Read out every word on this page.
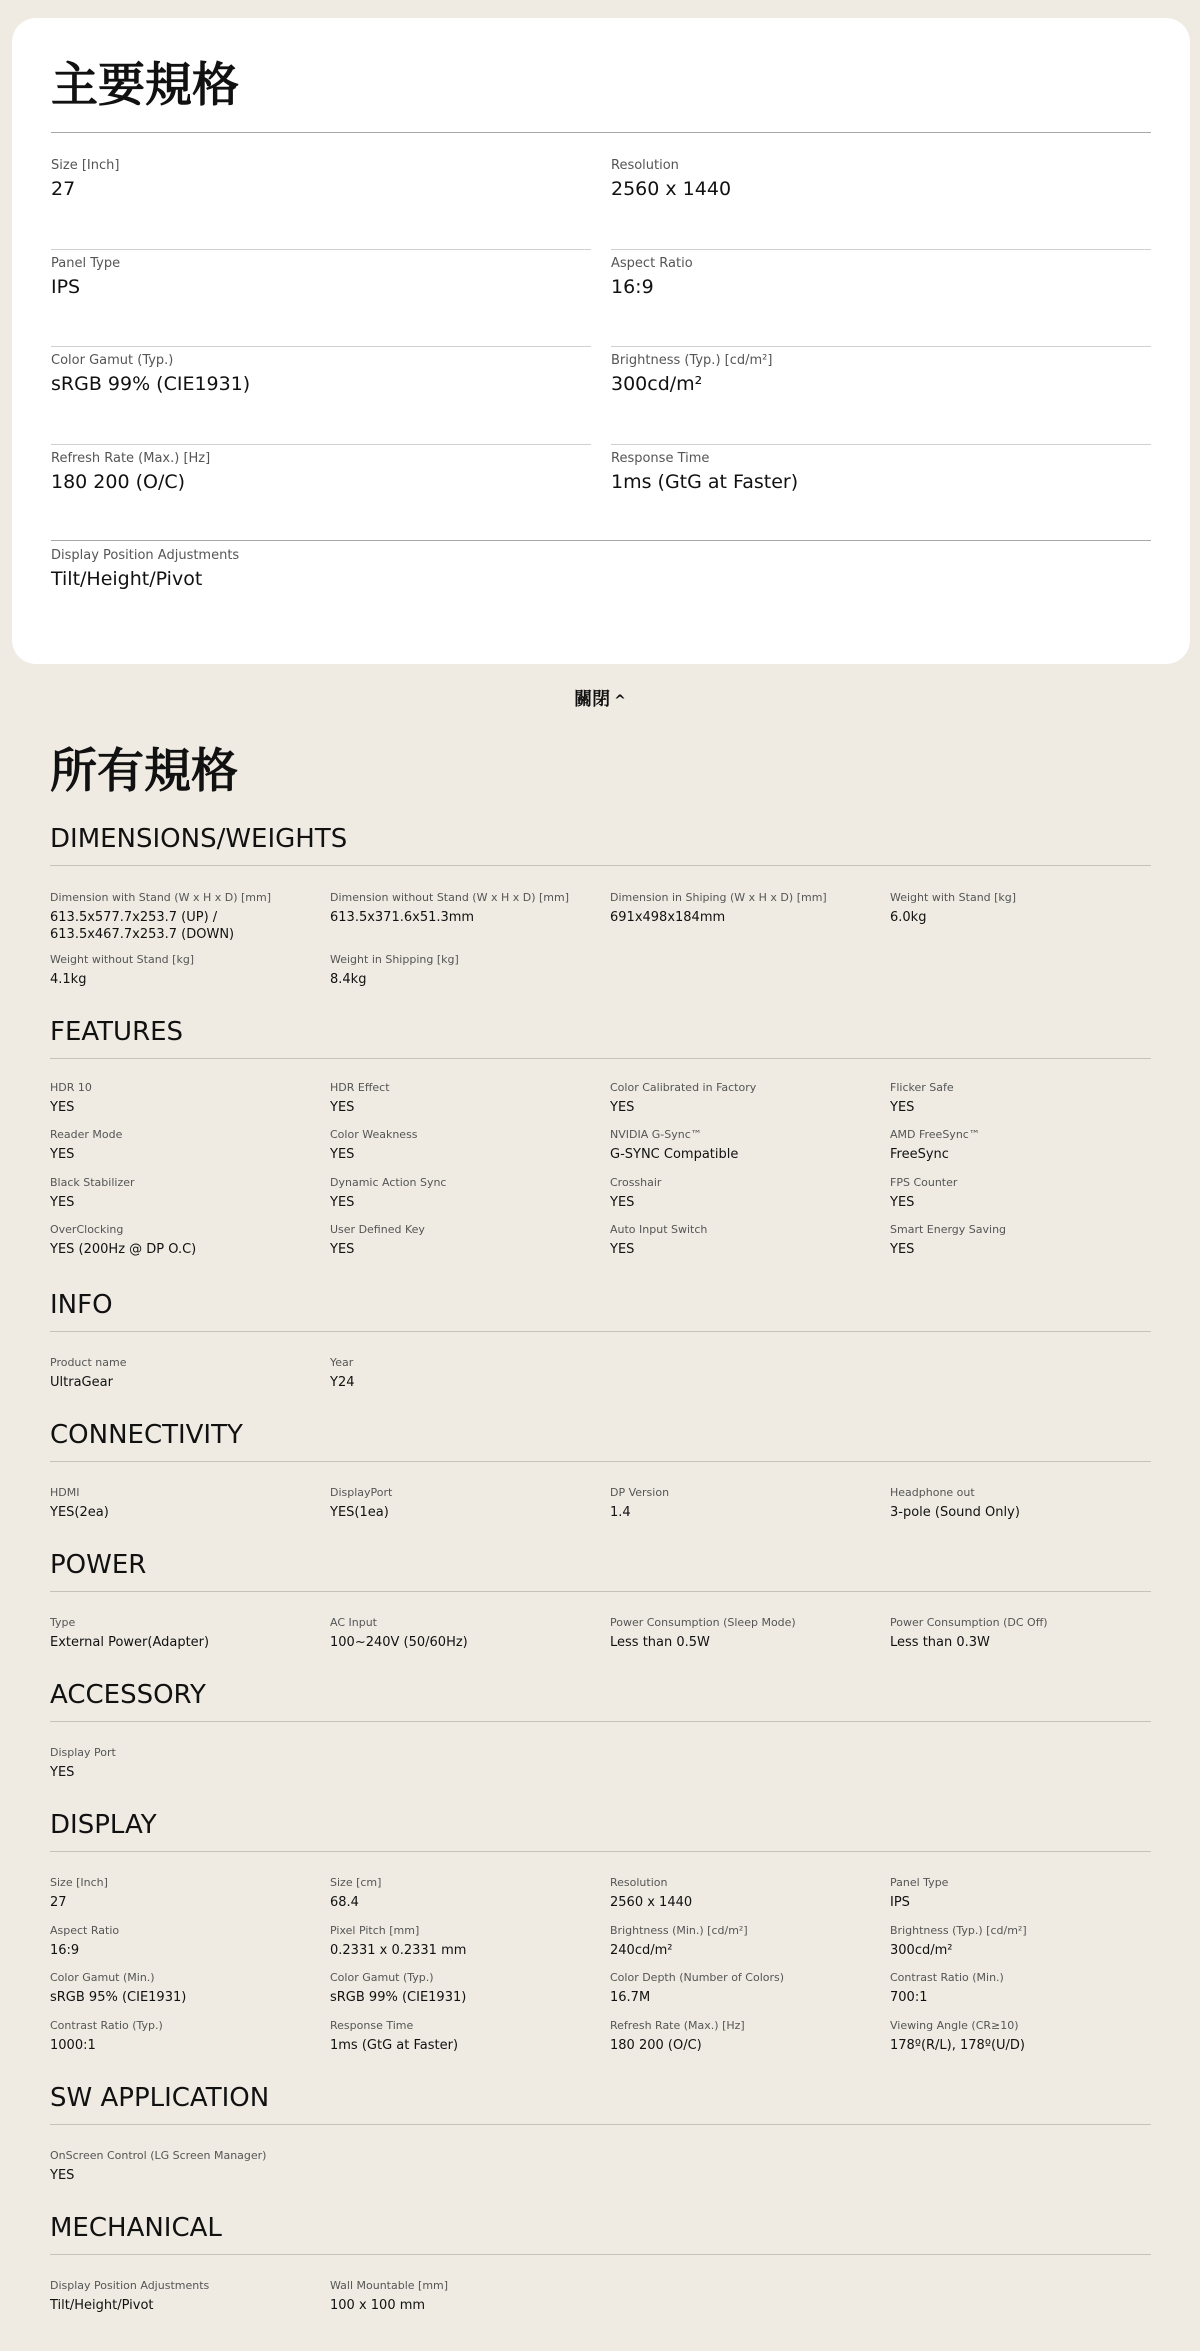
主要規格
Size [Inch]
27
Resolution
2560 x 1440
Panel Type
IPS
Aspect Ratio
16:9
Color Gamut (Typ.)
sRGB 99% (CIE1931)
Brightness (Typ.) [cd/m²]
300cd/m²
Refresh Rate (Max.) [Hz]
180 200 (O/C)
Response Time
1ms (GtG at Faster)
Display Position Adjustments
Tilt/Height/Pivot
關閉 ^
所有規格
DIMENSIONS/WEIGHTS
Dimension with Stand (W x H x D) [mm]
613.5x577.7x253.7 (UP) / 613.5x467.7x253.7 (DOWN)
Dimension without Stand (W x H x D) [mm]
613.5x371.6x51.3mm
Dimension in Shiping (W x H x D) [mm]
691x498x184mm
Weight with Stand [kg]
6.0kg
Weight without Stand [kg]
4.1kg
Weight in Shipping [kg]
8.4kg
FEATURES
HDR 10
YES
HDR Effect
YES
Color Calibrated in Factory
YES
Flicker Safe
YES
Reader Mode
YES
Color Weakness
YES
NVIDIA G-Sync™
G-SYNC Compatible
AMD FreeSync™
FreeSync
Black Stabilizer
YES
Dynamic Action Sync
YES
Crosshair
YES
FPS Counter
YES
OverClocking
YES (200Hz @ DP O.C)
User Defined Key
YES
Auto Input Switch
YES
Smart Energy Saving
YES
INFO
Product name
UltraGear
Year
Y24
CONNECTIVITY
HDMI
YES(2ea)
DisplayPort
YES(1ea)
DP Version
1.4
Headphone out
3-pole (Sound Only)
POWER
Type
External Power(Adapter)
AC Input
100~240V (50/60Hz)
Power Consumption (Sleep Mode)
Less than 0.5W
Power Consumption (DC Off)
Less than 0.3W
ACCESSORY
Display Port
YES
DISPLAY
Size [Inch]
27
Size [cm]
68.4
Resolution
2560 x 1440
Panel Type
IPS
Aspect Ratio
16:9
Pixel Pitch [mm]
0.2331 x 0.2331 mm
Brightness (Min.) [cd/m²]
240cd/m²
Brightness (Typ.) [cd/m²]
300cd/m²
Color Gamut (Min.)
sRGB 95% (CIE1931)
Color Gamut (Typ.)
sRGB 99% (CIE1931)
Color Depth (Number of Colors)
16.7M
Contrast Ratio (Min.)
700:1
Contrast Ratio (Typ.)
1000:1
Response Time
1ms (GtG at Faster)
Refresh Rate (Max.) [Hz]
180 200 (O/C)
Viewing Angle (CR≥10)
178º(R/L), 178º(U/D)
SW APPLICATION
OnScreen Control (LG Screen Manager)
YES
MECHANICAL
Display Position Adjustments
Tilt/Height/Pivot
Wall Mountable [mm]
100 x 100 mm
